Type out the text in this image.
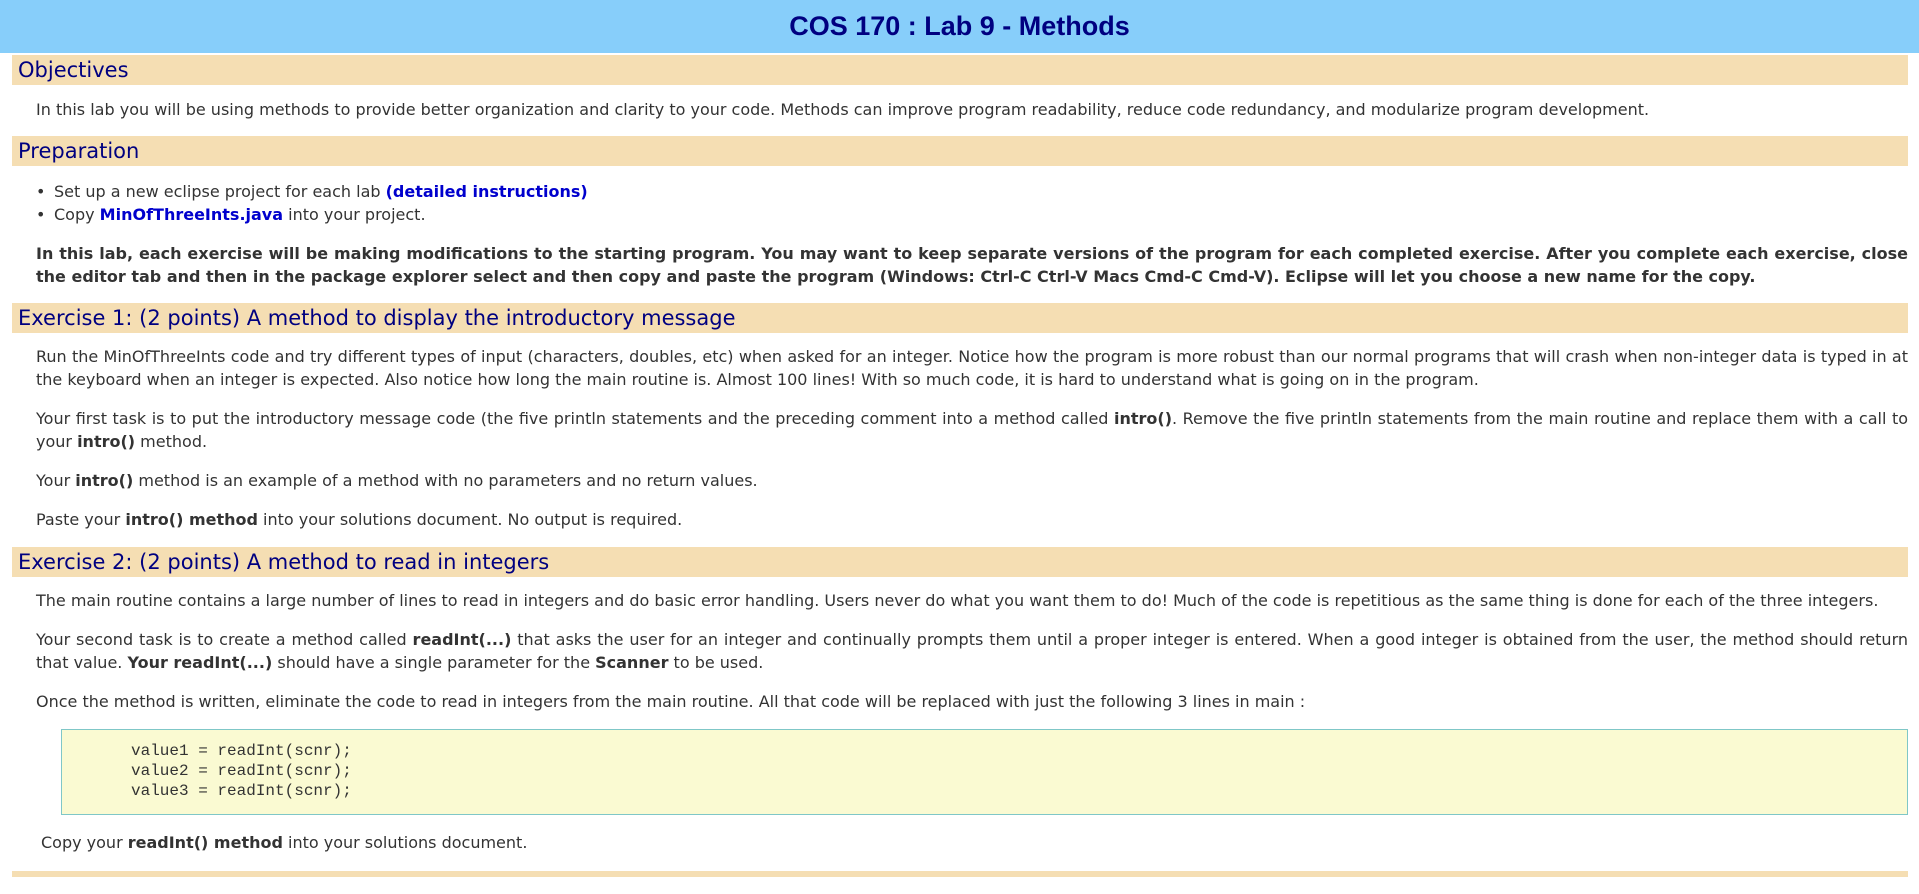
COS 170 : Lab 9 - Methods
Objectives

In this lab you will be using methods to provide better organization and clarity to your code. Methods can improve program readability, reduce code redundancy, and modularize program development.

Preparation
• Set up a new eclipse project for each lab (detailed instructions)
• Copy MinOfThreeInts.java into your project.

In this lab, each exercise will be making modifications to the starting program. You may want to keep separate versions of the program for each completed exercise. After you complete each exercise, close the editor tab and then in the package explorer select and then copy and paste the program (Windows: Ctrl-C Ctrl-V Macs Cmd-C Cmd-V). Eclipse will let you choose a new name for the copy.

Exercise 1: (2 points) A method to display the introductory message

Run the MinOfThreeInts code and try different types of input (characters, doubles, etc) when asked for an integer. Notice how the program is more robust than our normal programs that will crash when non-integer data is typed in at the keyboard when an integer is expected. Also notice how long the main routine is. Almost 100 lines! With so much code, it is hard to understand what is going on in the program.

Your first task is to put the introductory message code (the five println statements and the preceding comment into a method called intro(). Remove the five println statements from the main routine and replace them with a call to your intro() method.

Your intro() method is an example of a method with no parameters and no return values.

Paste your intro() method into your solutions document. No output is required.

Exercise 2: (2 points) A method to read in integers

The main routine contains a large number of lines to read in integers and do basic error handling. Users never do what you want them to do! Much of the code is repetitious as the same thing is done for each of the three integers.

Your second task is to create a method called readInt(...) that asks the user for an integer and continually prompts them until a proper integer is entered. When a good integer is obtained from the user, the method should return that value. Your readInt(...) should have a single parameter for the Scanner to be used.

Once the method is written, eliminate the code to read in integers from the main routine. All that code will be replaced with just the following 3 lines in main :

value1 = readInt(scnr);
value2 = readInt(scnr);
value3 = readInt(scnr);

Copy your readInt() method into your solutions document.
